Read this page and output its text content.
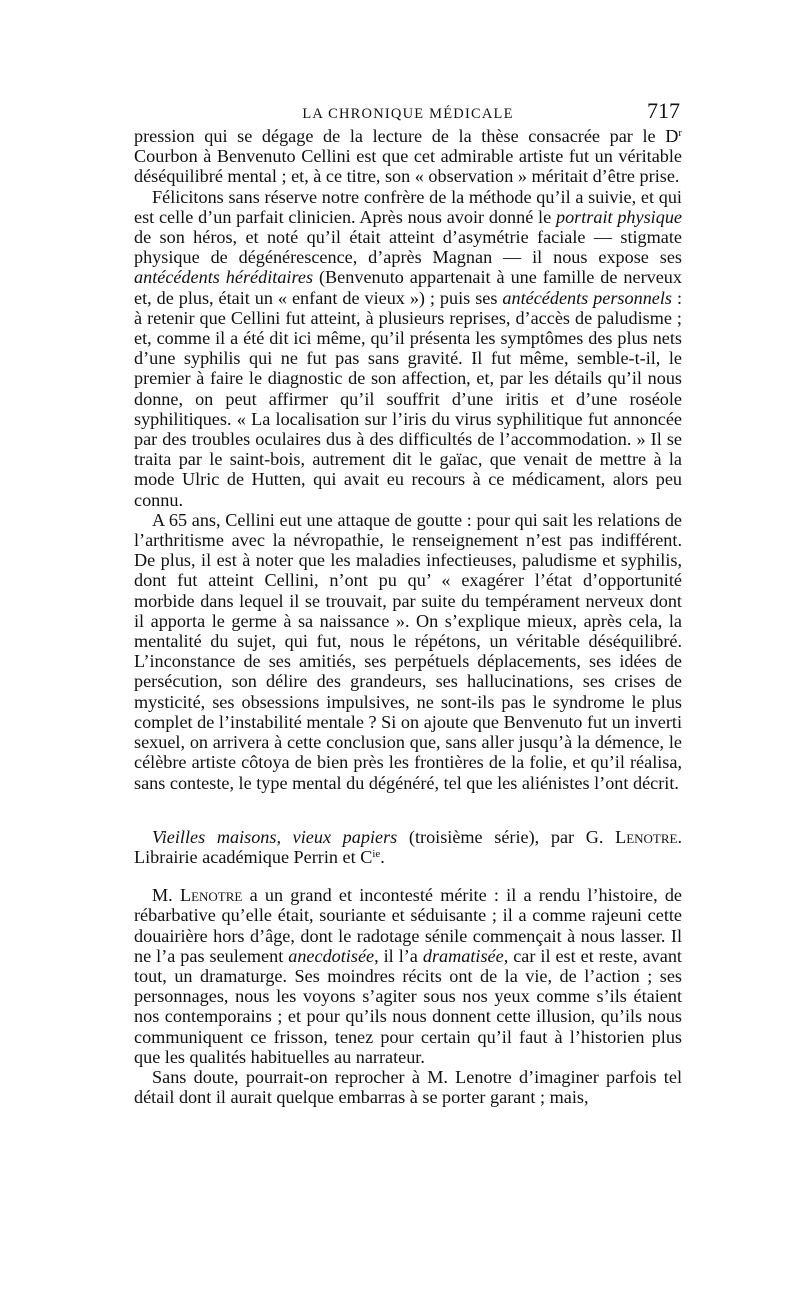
LA CHRONIQUE MÉDICALE	717

pression qui se dégage de la lecture de la thèse consacrée par le $D^r$ Courbon à Benvenuto Cellini est que cet admirable artiste fut un véritable déséquilibré mental ; et, à ce titre, son « observation » méritait d’être prise.

Félicitons sans réserve notre confrère de la méthode qu’il a suivie, et qui est celle d’un parfait clinicien. Après nous avoir donné le portrait physique de son héros, et noté qu’il était atteint d’asymétrie faciale — stigmate physique de dégénérescence, d’après Magnan — il nous expose ses antécédents héréditaires (Benvenuto appartenait à une famille de nerveux et, de plus, était un « enfant de vieux ») ; puis ses antécédents personnels : à retenir que Cellini fut atteint, à plusieurs reprises, d’accès de paludisme ; et, comme il a été dit ici même, qu’il présenta les symptômes des plus nets d’une syphilis qui ne fut pas sans gravité. Il fut même, semble-t-il, le premier à faire le diagnostic de son affection, et, par les détails qu’il nous donne, on peut affirmer qu’il souffrit d’une iritis et d’une roséole syphilitiques. « La localisation sur l’iris du virus syphilitique fut annoncée par des troubles oculaires dus à des difficultés de l’accommodation. » Il se traita par le saint-bois, autrement dit le gaïac, que venait de mettre à la mode Ulric de Hutten, qui avait eu recours à ce médicament, alors peu connu.

A 65 ans, Cellini eut une attaque de goutte : pour qui sait les relations de l’arthritisme avec la névropathie, le renseignement n’est pas indifférent. De plus, il est à noter que les maladies infectieuses, paludisme et syphilis, dont fut atteint Cellini, n’ont pu qu’ « exagérer l’état d’opportunité morbide dans lequel il se trouvait, par suite du tempérament nerveux dont il apporta le germe à sa naissance ». On s’explique mieux, après cela, la mentalité du sujet, qui fut, nous le répétons, un véritable déséquilibré. L’inconstance de ses amitiés, ses perpétuels déplacements, ses idées de persécution, son délire des grandeurs, ses hallucinations, ses crises de mysticité, ses obsessions impulsives, ne sont-ils pas le syndrome le plus complet de l’instabilité mentale ? Si on ajoute que Benvenuto fut un inverti sexuel, on arrivera à cette conclusion que, sans aller jusqu’à la démence, le célèbre artiste côtoya de bien près les frontières de la folie, et qu’il réalisa, sans conteste, le type mental du dégénéré, tel que les aliénistes l’ont décrit.

Vieilles maisons, vieux papiers (troisième série), par G. Lenotre. Librairie académique Perrin et $C^{ie}$.

M. Lenotre a un grand et incontesté mérite : il a rendu l’histoire, de rébarbative qu’elle était, souriante et séduisante ; il a comme rajeuni cette douairière hors d’âge, dont le radotage sénile commençait à nous lasser. Il ne l’a pas seulement anecdotisée, il l’a dramatisée, car il est et reste, avant tout, un dramaturge. Ses moindres récits ont de la vie, de l’action ; ses personnages, nous les voyons s’agiter sous nos yeux comme s’ils étaient nos contemporains ; et pour qu’ils nous donnent cette illusion, qu’ils nous communiquent ce frisson, tenez pour certain qu’il faut à l’historien plus que les qualités habituelles au narrateur.

Sans doute, pourrait-on reprocher à M. Lenotre d’imaginer parfois tel détail dont il aurait quelque embarras à se porter garant ; mais,
